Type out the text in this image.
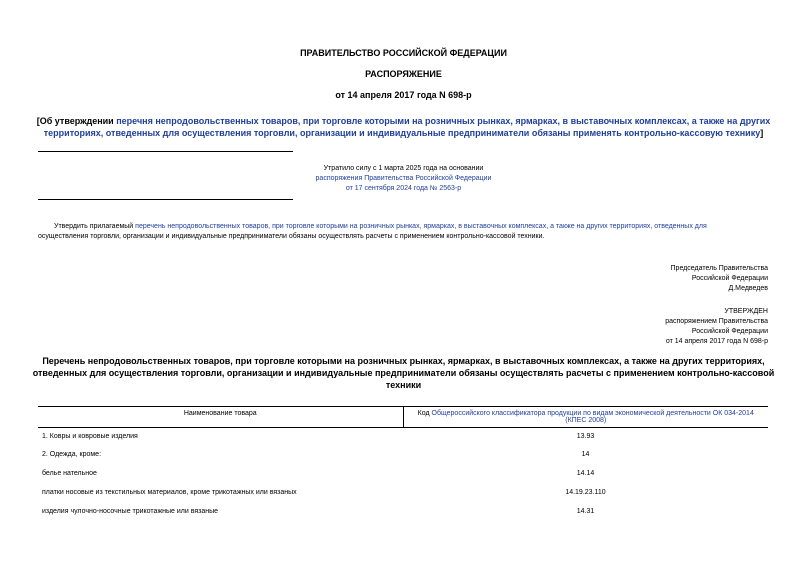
ПРАВИТЕЛЬСТВО РОССИЙСКОЙ ФЕДЕРАЦИИ
РАСПОРЯЖЕНИЕ
от 14 апреля 2017 года N 698-р
[Об утверждении перечня непродовольственных товаров, при торговле которыми на розничных рынках, ярмарках, в выставочных комплексах, а также на других
территориях, отведенных для осуществления торговли, организации и индивидуальные предприниматели обязаны применять контрольно-кассовую технику]
Утратило силу с 1 марта 2025 года на основании
распоряжения Правительства Российской Федерации
от 17 сентября 2024 года № 2563-р
Утвердить прилагаемый перечень непродовольственных товаров, при торговле которыми на розничных рынках, ярмарках, в выставочных комплексах, а также на других территориях, отведенных для
осуществления торговли, организации и индивидуальные предприниматели обязаны осуществлять расчеты с применением контрольно-кассовой техники.
Председатель Правительства
Российской Федерации
Д.Медведев
УТВЕРЖДЕН
распоряжением Правительства
Российской Федерации
от 14 апреля 2017 года N 698-р
Перечень непродовольственных товаров, при торговле которыми на розничных рынках, ярмарках, в выставочных комплексах, а также на других территориях,
отведенных для осуществления торговли, организации и индивидуальные предприниматели обязаны осуществлять расчеты с применением контрольно-кассовой
техники
Наименование товара	Код Общероссийского классификатора продукции по видам экономической деятельности ОК 034-2014
(КПЕС 2008)
1. Ковры и ковровые изделия	13.93
2. Одежда, кроме:	14
белье нательное	14.14
платки носовые из текстильных материалов, кроме трикотажных или вязаных	14.19.23.110
изделия чулочно-носочные трикотажные или вязаные	14.31
